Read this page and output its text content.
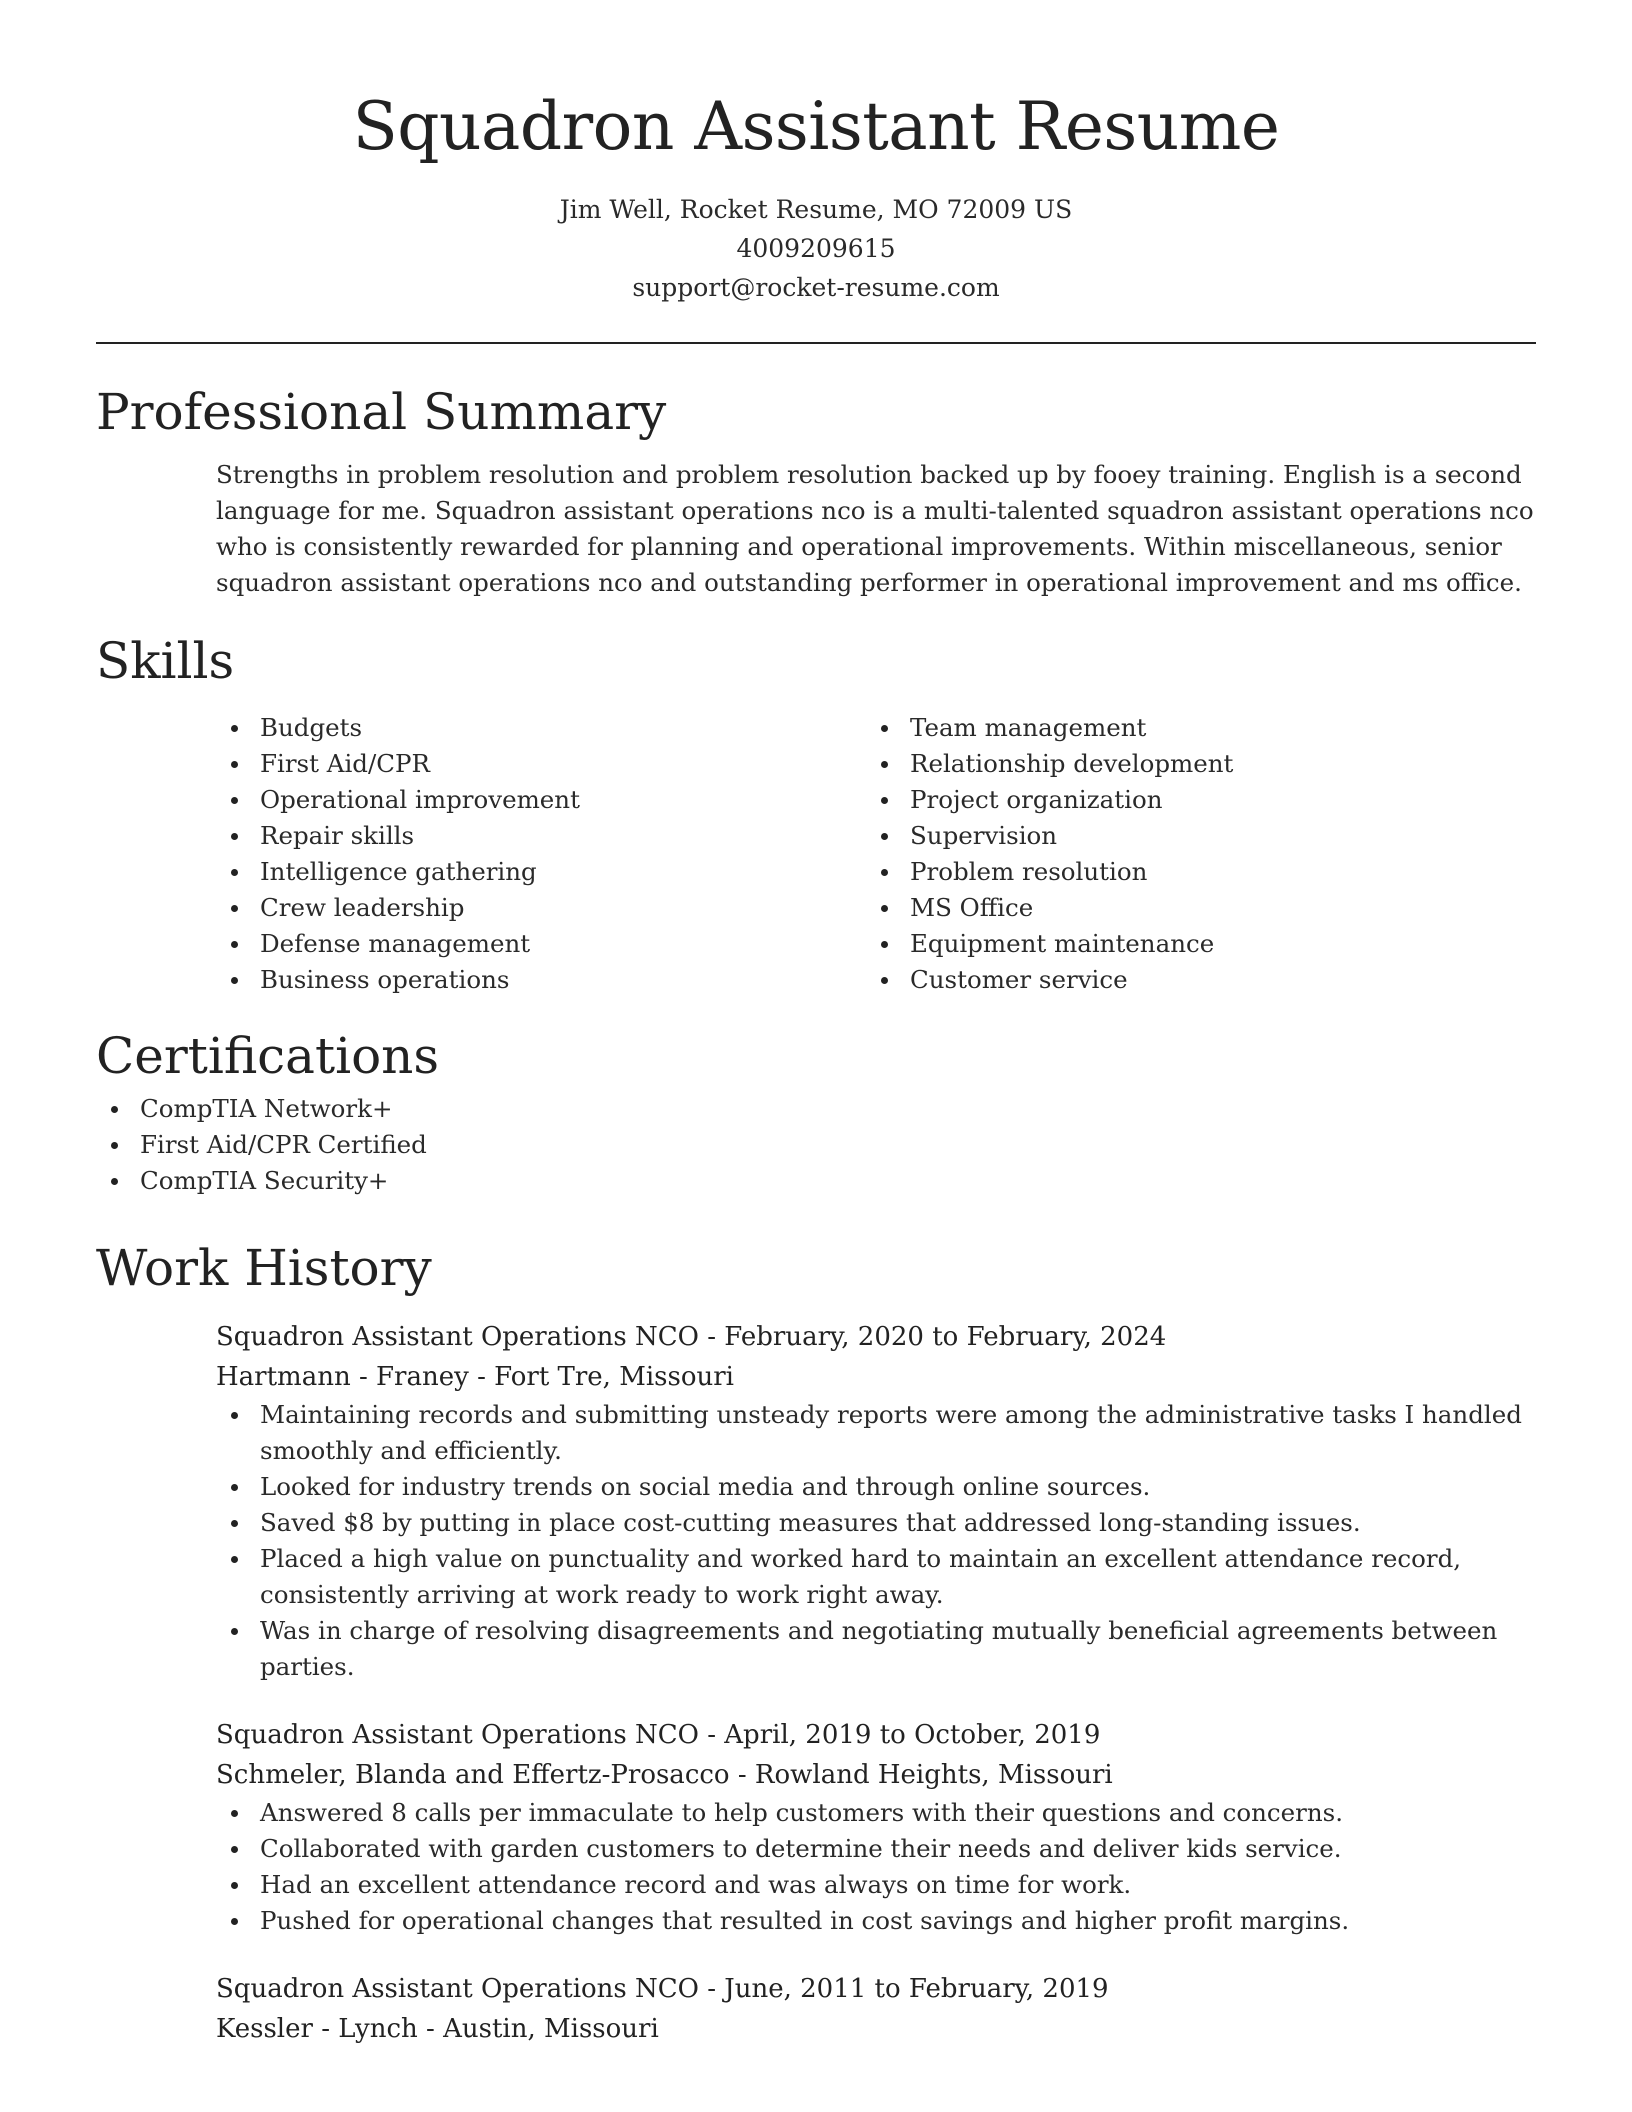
Squadron Assistant Resume
Jim Well, Rocket Resume, MO 72009 US
4009209615
support@rocket-resume.com
Professional Summary

Strengths in problem resolution and problem resolution backed up by fooey training. English is a second language for me. Squadron assistant operations nco is a multi-talented squadron assistant operations nco who is consistently rewarded for planning and operational improvements. Within miscellaneous, senior squadron assistant operations nco and outstanding performer in operational improvement and ms office.

Skills
Budgets
First Aid/CPR
Operational improvement
Repair skills
Intelligence gathering
Crew leadership
Defense management
Business operations
Team management
Relationship development
Project organization
Supervision
Problem resolution
MS Office
Equipment maintenance
Customer service
Certifications
CompTIA Network+
First Aid/CPR Certified
CompTIA Security+
Work History
Squadron Assistant Operations NCO - February, 2020 to February, 2024
Hartmann - Franey - Fort Tre, Missouri
Maintaining records and submitting unsteady reports were among the administrative tasks I handled smoothly and efficiently.
Looked for industry trends on social media and through online sources.
Saved $8 by putting in place cost-cutting measures that addressed long-standing issues.
Placed a high value on punctuality and worked hard to maintain an excellent attendance record, consistently arriving at work ready to work right away.
Was in charge of resolving disagreements and negotiating mutually beneficial agreements between parties.
Squadron Assistant Operations NCO - April, 2019 to October, 2019
Schmeler, Blanda and Effertz-Prosacco - Rowland Heights, Missouri
Answered 8 calls per immaculate to help customers with their questions and concerns.
Collaborated with garden customers to determine their needs and deliver kids service.
Had an excellent attendance record and was always on time for work.
Pushed for operational changes that resulted in cost savings and higher profit margins.
Squadron Assistant Operations NCO - June, 2011 to February, 2019
Kessler - Lynch - Austin, Missouri
